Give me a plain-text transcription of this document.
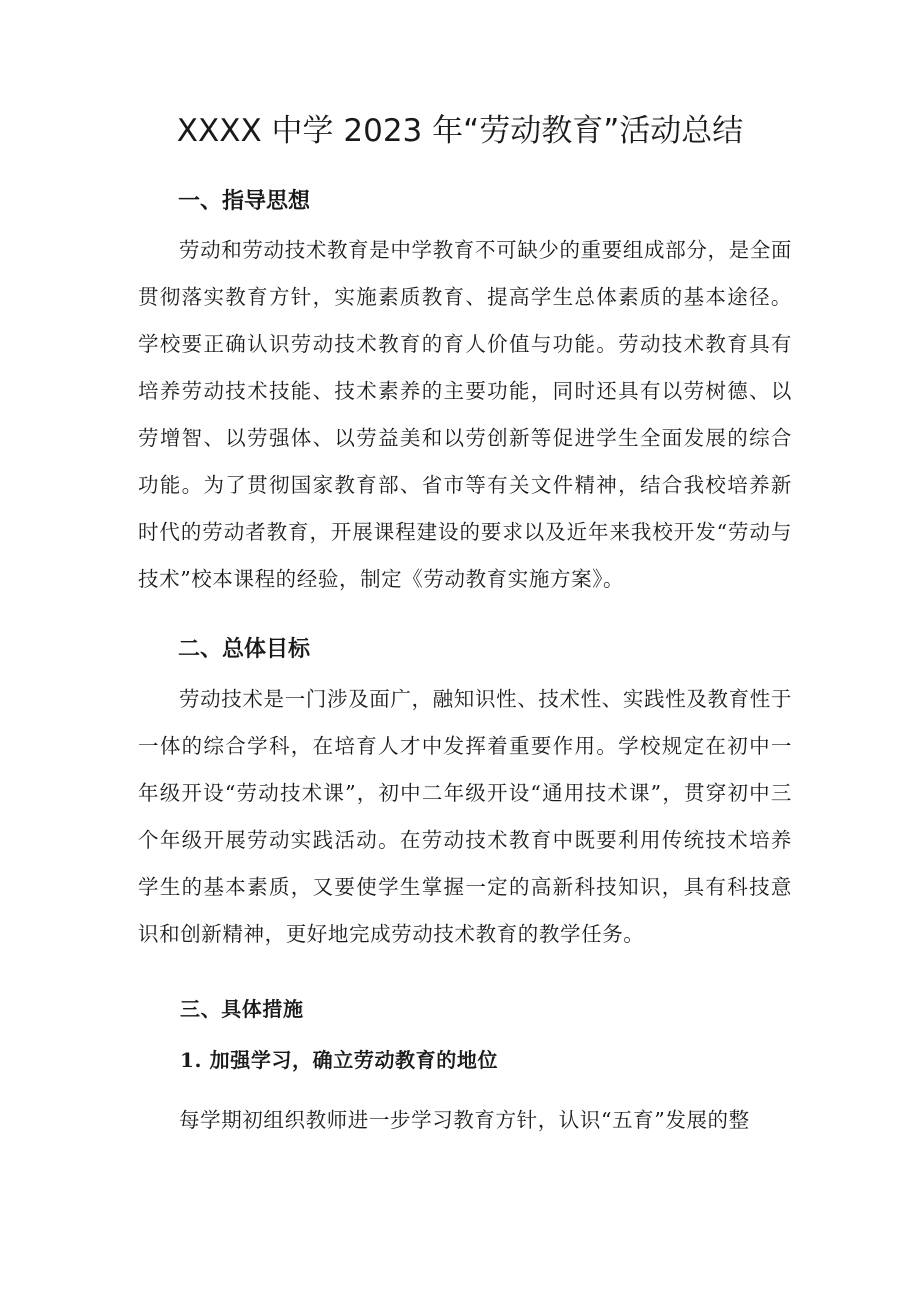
XXXX 中学 2023 年“劳动教育”活动总结
一、指导思想

劳动和劳动技术教育是中学教育不可缺少的重要组成部分，是全面贯彻落实教育方针，实施素质教育、提高学生总体素质的基本途径。学校要正确认识劳动技术教育的育人价值与功能。劳动技术教育具有培养劳动技术技能、技术素养的主要功能，同时还具有以劳树德、以劳增智、以劳强体、以劳益美和以劳创新等促进学生全面发展的综合功能。为了贯彻国家教育部、省市等有关文件精神，结合我校培养新时代的劳动者教育，开展课程建设的要求以及近年来我校开发“劳动与技术”校本课程的经验，制定《劳动教育实施方案》。

二、总体目标

劳动技术是一门涉及面广，融知识性、技术性、实践性及教育性于一体的综合学科，在培育人才中发挥着重要作用。学校规定在初中一年级开设“劳动技术课”，初中二年级开设“通用技术课”，贯穿初中三个年级开展劳动实践活动。在劳动技术教育中既要利用传统技术培养学生的基本素质，又要使学生掌握一定的高新科技知识，具有科技意识和创新精神，更好地完成劳动技术教育的教学任务。

三、具体措施
1. 加强学习，确立劳动教育的地位

每学期初组织教师进一步学习教育方针，认识“五育”发展的整
